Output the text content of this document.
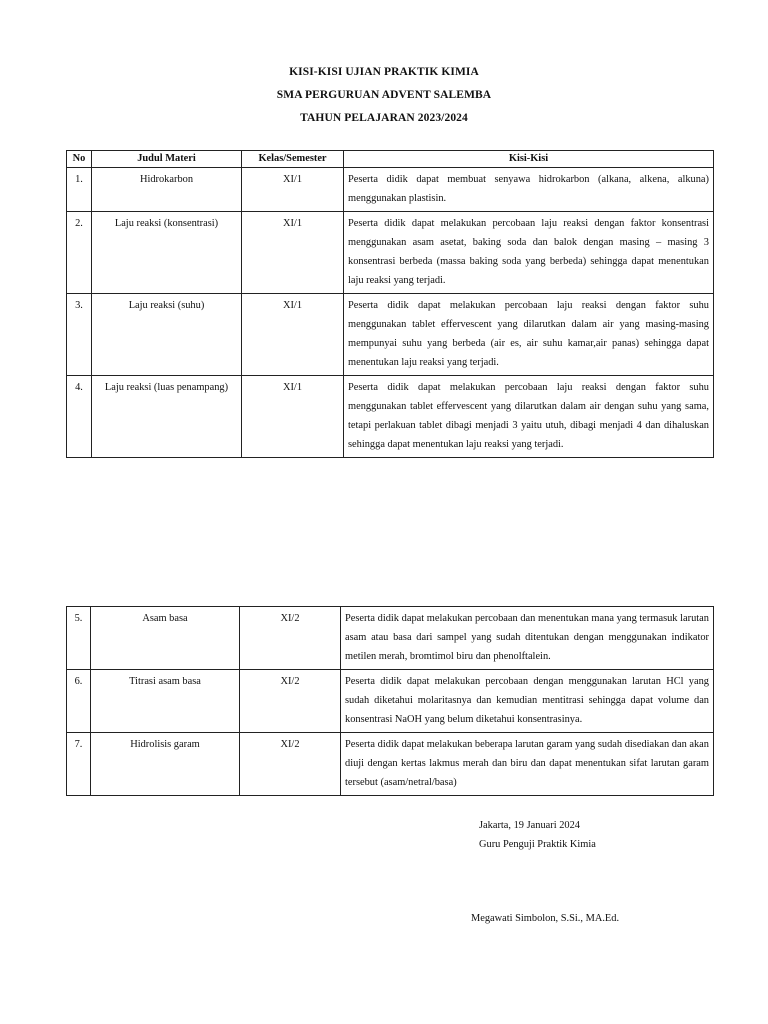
KISI-KISI UJIAN PRAKTIK KIMIA
SMA PERGURUAN ADVENT SALEMBA
TAHUN PELAJARAN 2023/2024
No	Judul Materi	Kelas/Semester	Kisi-Kisi
1.	Hidrokarbon	XI/1	Peserta didik dapat membuat senyawa hidrokarbon (alkana, alkena, alkuna) menggunakan plastisin.
2.	Laju reaksi (konsentrasi)	XI/1	Peserta didik dapat melakukan percobaan laju reaksi dengan faktor konsentrasi menggunakan asam asetat, baking soda dan balok dengan masing – masing 3 konsentrasi berbeda (massa baking soda yang berbeda) sehingga dapat menentukan laju reaksi yang terjadi.
3.	Laju reaksi (suhu)	XI/1	Peserta didik dapat melakukan percobaan laju reaksi dengan faktor suhu menggunakan tablet effervescent yang dilarutkan dalam air yang masing-masing mempunyai suhu yang berbeda (air es, air suhu kamar,air panas) sehingga dapat menentukan laju reaksi yang terjadi.
4.	Laju reaksi (luas penampang)	XI/1	Peserta didik dapat melakukan percobaan laju reaksi dengan faktor suhu menggunakan tablet effervescent yang dilarutkan dalam air dengan suhu yang sama, tetapi perlakuan tablet dibagi menjadi 3 yaitu utuh, dibagi menjadi 4 dan dihaluskan sehingga dapat menentukan laju reaksi yang terjadi.
5.	Asam basa	XI/2	Peserta didik dapat melakukan percobaan dan menentukan mana yang termasuk larutan asam atau basa dari sampel yang sudah ditentukan dengan menggunakan indikator metilen merah, bromtimol biru dan phenolftalein.
6.	Titrasi asam basa	XI/2	Peserta didik dapat melakukan percobaan dengan menggunakan larutan HCl yang sudah diketahui molaritasnya dan kemudian mentitrasi sehingga dapat volume dan konsentrasi NaOH yang belum diketahui konsentrasinya.
7.	Hidrolisis garam	XI/2	Peserta didik dapat melakukan beberapa larutan garam yang sudah disediakan dan akan diuji dengan kertas lakmus merah dan biru dan dapat menentukan sifat larutan garam tersebut (asam/netral/basa)
Jakarta, 19 Januari 2024
Guru Penguji Praktik Kimia
Megawati Simbolon, S.Si., MA.Ed.
